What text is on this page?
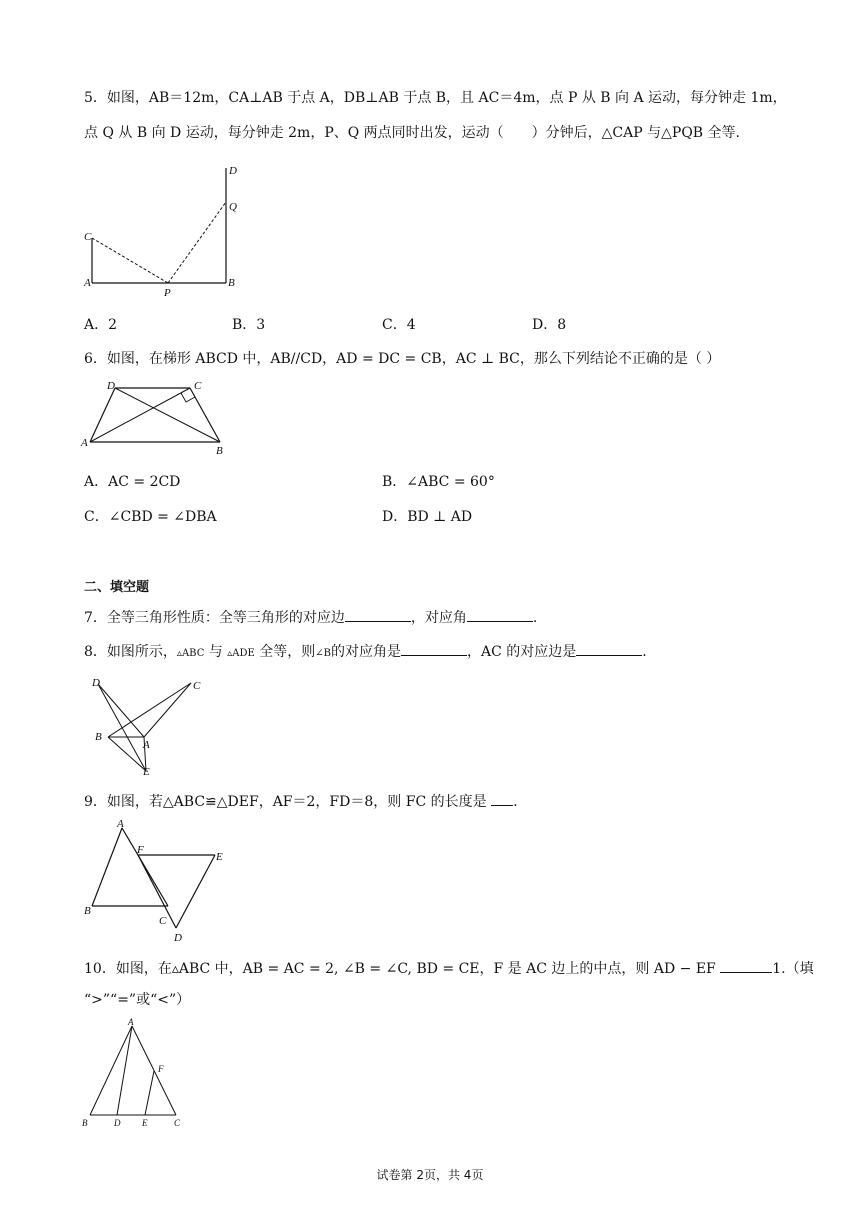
5．如图，AB＝12m，CA⊥AB 于点 A，DB⊥AB 于点 B，且 AC＝4m，点 P 从 B 向 A 运动，每分钟走 1m，
点 Q 从 B 向 D 运动，每分钟走 2m，P、Q 两点同时出发，运动（　　）分钟后，△CAP 与△PQB 全等.
D
Q
C
A
P
B
A．2	B．3	C．4	D．8
6．如图，在梯形 ABCD 中，AB//CD，AD = DC = CB，AC ⊥ BC，那么下列结论不正确的是（ ）
D	C
A
B
A．AC = 2CD	B．∠ABC = 60°
C．∠CBD = ∠DBA	D．BD ⊥ AD
二、填空题
7．全等三角形性质：全等三角形的对应边	，对应角	.
8．如图所示，▵ABC 与 ▵ADE 全等，则∠B的对应角是	，AC 的对应边是	.
D	C
B
A
E
9．如图，若△ABC≌△DEF，AF＝2，FD＝8，则 FC 的长度是 .
A
F
E
B
C
D
10．如图，在▵ABC 中，AB = AC = 2, ∠B = ∠C, BD = CE，F 是 AC 边上的中点，则 AD − EF	1.（填
“>”“=”或“<”）
A
F
B	D E	C
试卷第 2页，共 4页
